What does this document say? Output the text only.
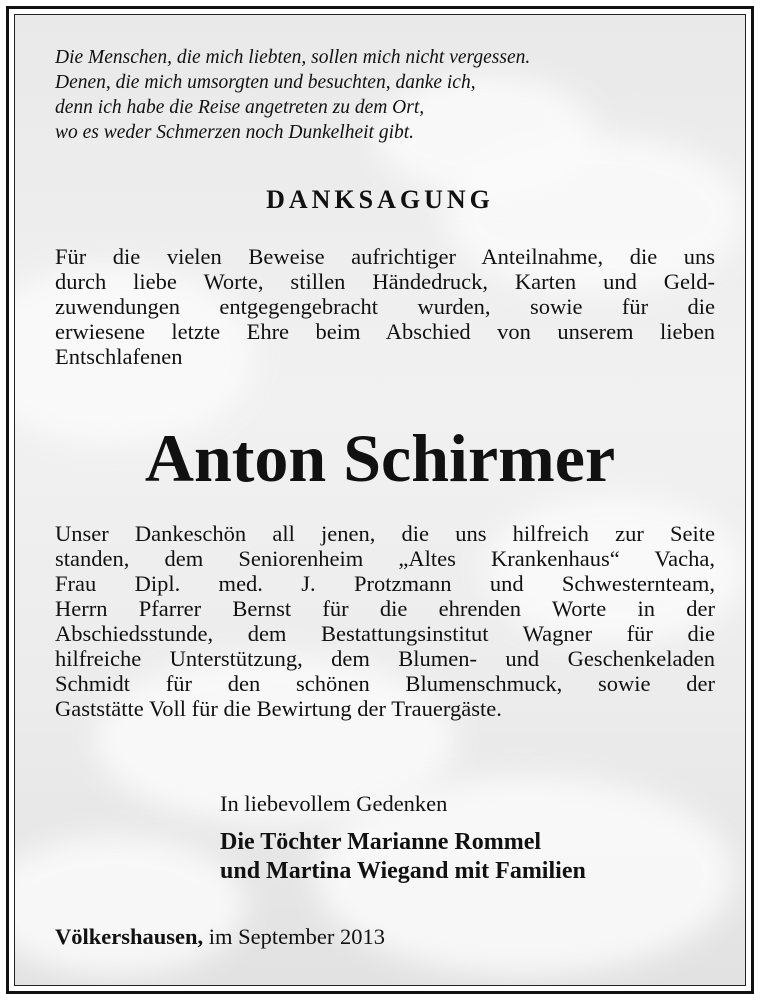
Die Menschen, die mich liebten, sollen mich nicht vergessen.
Denen, die mich umsorgten und besuchten, danke ich,
denn ich habe die Reise angetreten zu dem Ort,
wo es weder Schmerzen noch Dunkelheit gibt.
DANKSAGUNG
Für die vielen Beweise aufrichtiger Anteilnahme, die uns
durch liebe Worte, stillen Händedruck, Karten und Geld-
zuwendungen entgegengebracht wurden, sowie für die
erwiesene letzte Ehre beim Abschied von unserem lieben
Entschlafenen
Anton Schirmer
Unser Dankeschön all jenen, die uns hilfreich zur Seite
standen, dem Seniorenheim „Altes Krankenhaus“ Vacha,
Frau Dipl. med. J. Protzmann und Schwesternteam,
Herrn Pfarrer Bernst für die ehrenden Worte in der
Abschiedsstunde, dem Bestattungsinstitut Wagner für die
hilfreiche Unterstützung, dem Blumen- und Geschenkeladen
Schmidt für den schönen Blumenschmuck, sowie der
Gaststätte Voll für die Bewirtung der Trauergäste.

In liebevollem Gedenken

Die Töchter Marianne Rommel
und Martina Wiegand mit Familien

Völkershausen, im September 2013
